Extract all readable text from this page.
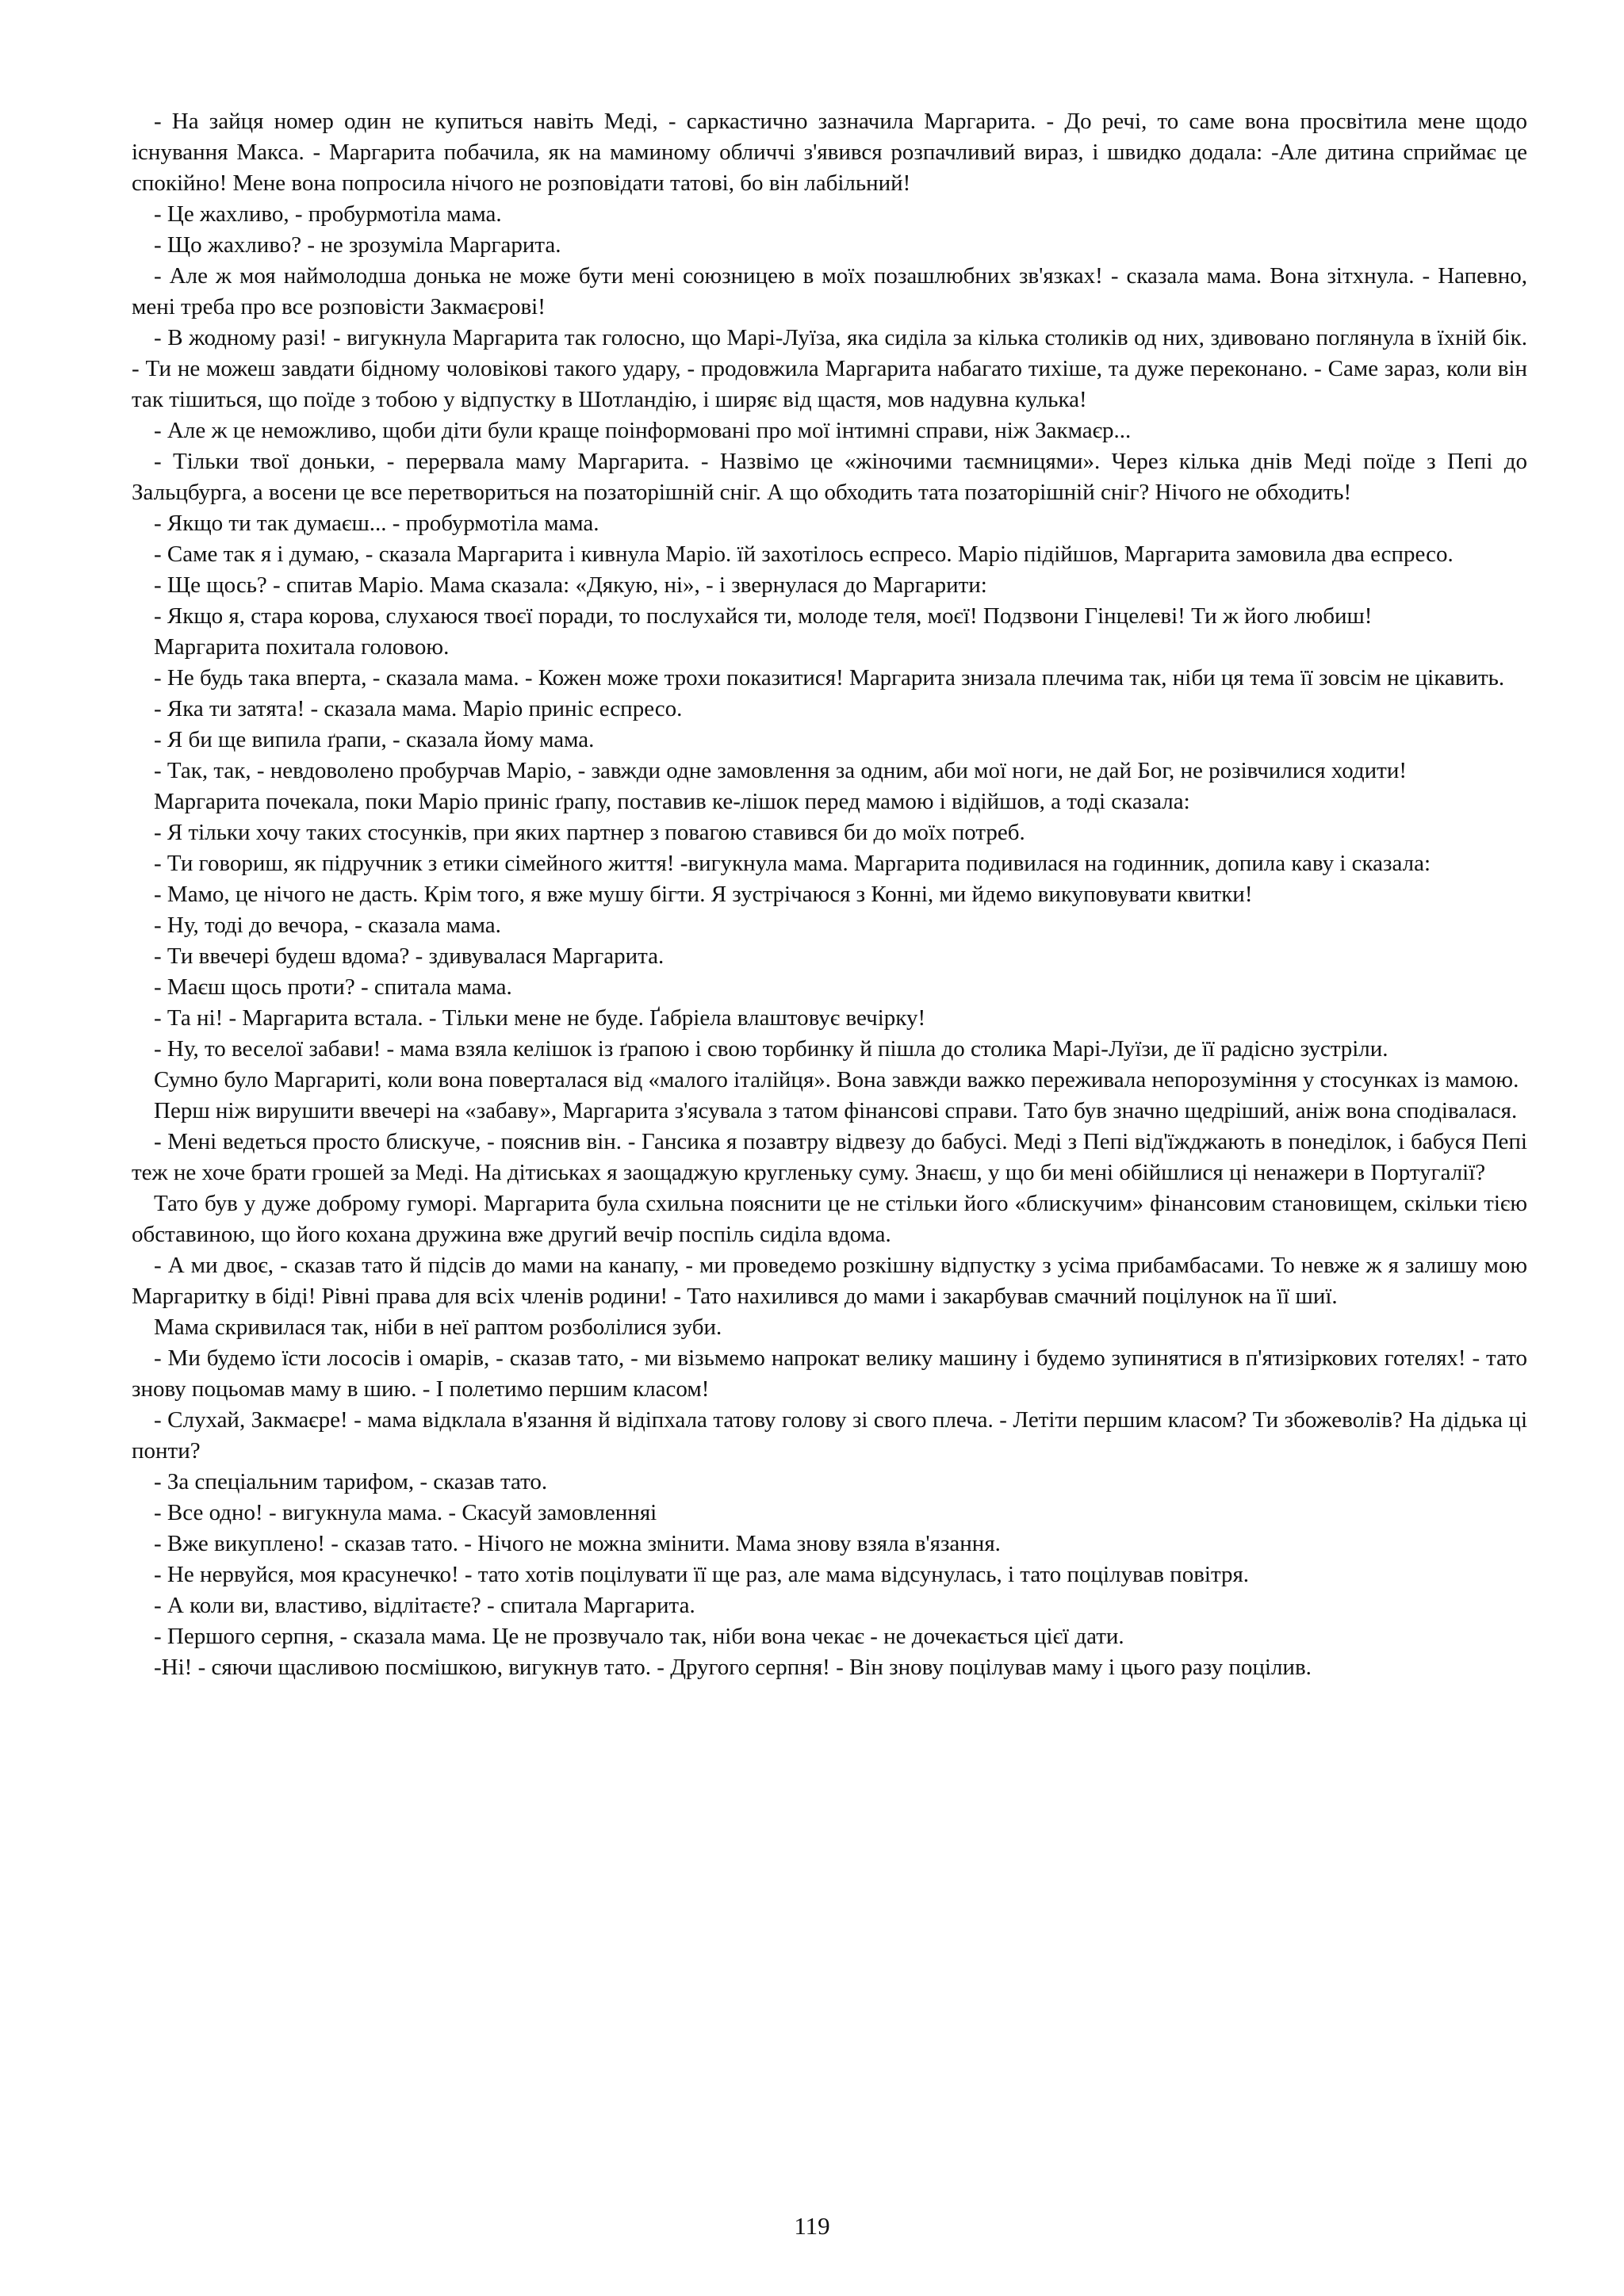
- На зайця номер один не купиться навіть Меді, - саркастично зазначила Маргарита. - До речі, то саме вона просвітила мене щодо існування Макса. - Маргарита побачила, як на маминому обличчі з'явився розпачливий вираз, і швидко додала: -Але дитина сприймає це спокійно! Мене вона попросила нічого не розповідати татові, бо він лабільний!

- Це жахливо, - пробурмотіла мама.

- Що жахливо? - не зрозуміла Маргарита.

- Але ж моя наймолодша донька не може бути мені союзницею в моїх позашлюбних зв'язках! - сказала мама. Вона зітхнула. - Напевно, мені треба про все розповісти Закмаєрові!

- В жодному разі! - вигукнула Маргарита так голосно, що Марі-Луїза, яка сиділа за кілька столиків од них, здивовано поглянула в їхній бік. - Ти не можеш завдати бідному чоловікові такого удару, - продовжила Маргарита набагато тихіше, та дуже переконано. - Саме зараз, коли він так тішиться, що поїде з тобою у відпустку в Шотландію, і ширяє від щастя, мов надувна кулька!

- Але ж це неможливо, щоби діти були краще поінформовані про мої інтимні справи, ніж Закмаєр...

- Тільки твої доньки, - перервала маму Маргарита. - Назвімо це «жіночими таємницями». Через кілька днів Меді поїде з Пепі до Зальцбурга, а восени це все перетвориться на позаторішній сніг. А що обходить тата позаторішній сніг? Нічого не обходить!

- Якщо ти так думаєш... - пробурмотіла мама.

- Саме так я і думаю, - сказала Маргарита і кивнула Маріо. їй захотілось еспресо. Маріо підійшов, Маргарита замовила два еспресо.

- Ще щось? - спитав Маріо. Мама сказала: «Дякую, ні», - і звернулася до Маргарити:

- Якщо я, стара корова, слухаюся твоєї поради, то послухайся ти, молоде теля, моєї! Подзвони Гінцелеві! Ти ж його любиш!

Маргарита похитала головою.

- Не будь така вперта, - сказала мама. - Кожен може трохи показитися! Маргарита знизала плечима так, ніби ця тема її зовсім не цікавить.

- Яка ти затята! - сказала мама. Маріо приніс еспресо.

- Я би ще випила ґрапи, - сказала йому мама.

- Так, так, - невдоволено пробурчав Маріо, - завжди одне замовлення за одним, аби мої ноги, не дай Бог, не розівчилися ходити!

Маргарита почекала, поки Маріо приніс ґрапу, поставив ке-лішок перед мамою і відійшов, а тоді сказала:

- Я тільки хочу таких стосунків, при яких партнер з повагою ставився би до моїх потреб.

- Ти говориш, як підручник з етики сімейного життя! -вигукнула мама. Маргарита подивилася на годинник, допила каву і сказала:

- Мамо, це нічого не дасть. Крім того, я вже мушу бігти. Я зустрічаюся з Конні, ми йдемо викуповувати квитки!

- Ну, тоді до вечора, - сказала мама.

- Ти ввечері будеш вдома? - здивувалася Маргарита.

- Маєш щось проти? - спитала мама.

- Та ні! - Маргарита встала. - Тільки мене не буде. Ґабріела влаштовує вечірку!

- Ну, то веселої забави! - мама взяла келішок із ґрапою і свою торбинку й пішла до столика Марі-Луїзи, де її радісно зустріли.

Сумно було Маргариті, коли вона поверталася від «малого італійця». Вона завжди важко переживала непорозуміння у стосунках із мамою.

Перш ніж вирушити ввечері на «забаву», Маргарита з'ясувала з татом фінансові справи. Тато був значно щедріший, аніж вона сподівалася.

- Мені ведеться просто блискуче, - пояснив він. - Гансика я позавтру відвезу до бабусі. Меді з Пепі від'їжджають в понеділок, і бабуся Пепі теж не хоче брати грошей за Меді. На дітиськах я заощаджую кругленьку суму. Знаєш, у що би мені обійшлися ці ненажери в Португалії?

Тато був у дуже доброму гуморі. Маргарита була схильна пояснити це не стільки його «блискучим» фінансовим становищем, скільки тією обставиною, що його кохана дружина вже другий вечір поспіль сиділа вдома.

- А ми двоє, - сказав тато й підсів до мами на канапу, - ми проведемо розкішну відпустку з усіма прибамбасами. То невже ж я залишу мою Маргаритку в біді! Рівні права для всіх членів родини! - Тато нахилився до мами і закарбував смачний поцілунок на її шиї.

Мама скривилася так, ніби в неї раптом розболілися зуби.

- Ми будемо їсти лососів і омарів, - сказав тато, - ми візьмемо напрокат велику машину і будемо зупинятися в п'ятизіркових готелях! - тато знову поцьомав маму в шию. - І полетимо першим класом!

- Слухай, Закмаєре! - мама відклала в'язання й відіпхала татову голову зі свого плеча. - Летіти першим класом? Ти збожеволів? На дідька ці понти?

- За спеціальним тарифом, - сказав тато.

- Все одно! - вигукнула мама. - Скасуй замовленняі

- Вже викуплено! - сказав тато. - Нічого не можна змінити. Мама знову взяла в'язання.

- Не нервуйся, моя красунечко! - тато хотів поцілувати її ще раз, але мама відсунулась, і тато поцілував повітря.

- А коли ви, властиво, відлітаєте? - спитала Маргарита.

- Першого серпня, - сказала мама. Це не прозвучало так, ніби вона чекає - не дочекається цієї дати.

-Ні! - сяючи щасливою посмішкою, вигукнув тато. - Другого серпня! - Він знову поцілував маму і цього разу поцілив.

119
